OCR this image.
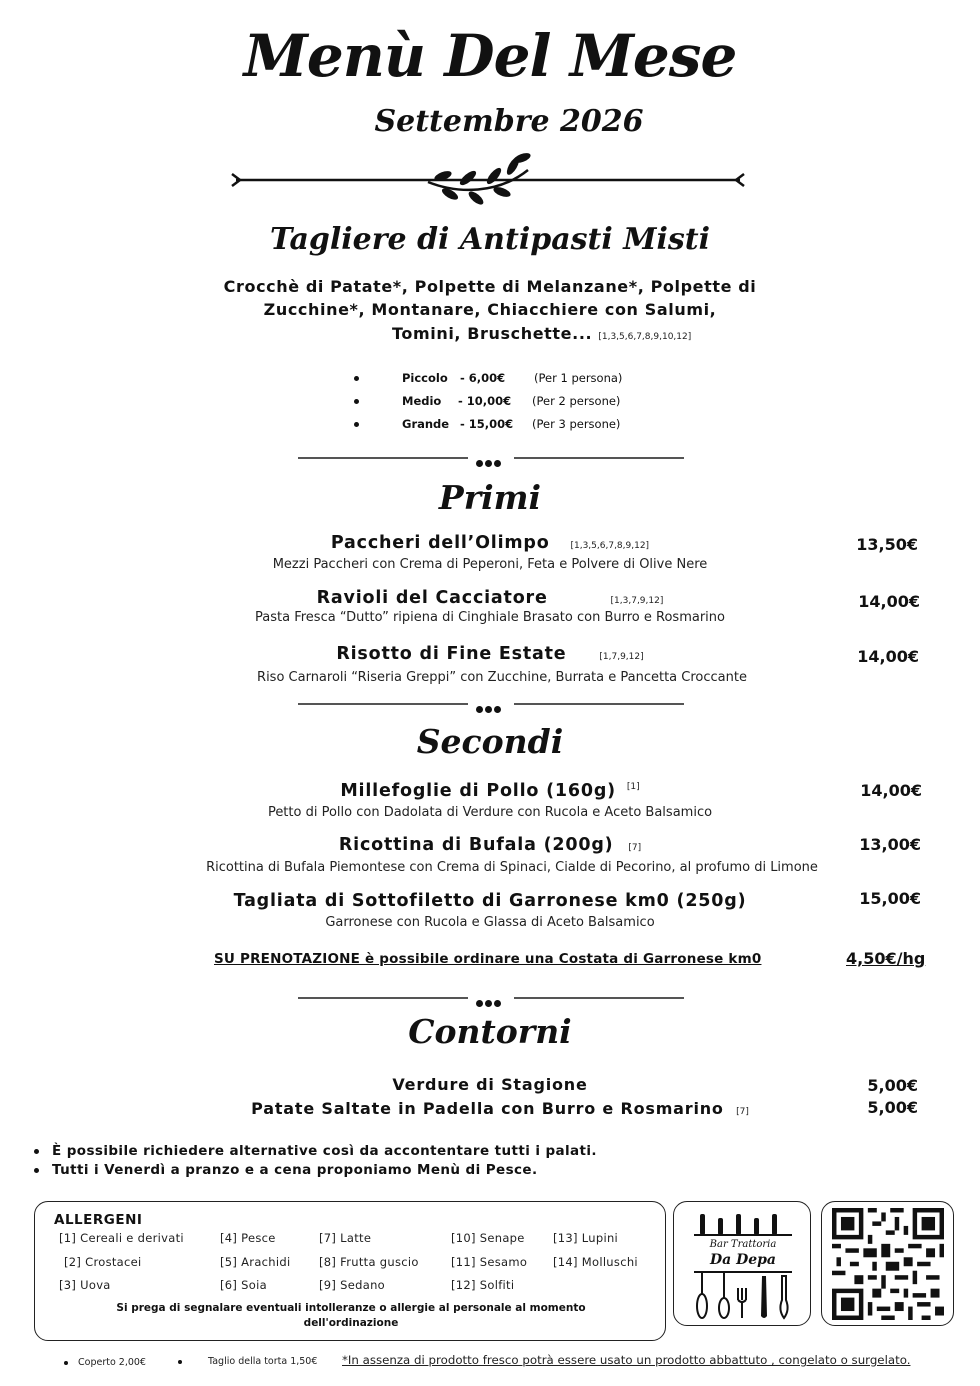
Menù Del Mese
Settembre 2026
Tagliere di Antipasti Misti
Crocchè di Patate*, Polpette di Melanzane*, Polpette di
Zucchine*, Montanare, Chiacchiere con Salumi,
Tomini, Bruschette... [1,3,5,6,7,8,9,10,12]
Piccolo - 6,00€	(Per 1 persona)
Medio - 10,00€ (Per 2 persone)
Grande - 15,00€ (Per 3 persone)
Primi
Paccheri dell’Olimpo [1,3,5,6,7,8,9,12]
Mezzi Paccheri con Crema di Peperoni, Feta e Polvere di Olive Nere
13,50€
Ravioli del Cacciatore	[1,3,7,9,12]
Pasta Fresca “Dutto” ripiena di Cinghiale Brasato con Burro e Rosmarino
14,00€
Risotto di Fine Estate	[1,7,9,12]
Riso Carnaroli “Riseria Greppi” con Zucchine, Burrata e Pancetta Croccante
14,00€
Secondi
Millefoglie di Pollo (160g) [1]
Petto di Pollo con Dadolata di Verdure con Rucola e Aceto Balsamico
14,00€
Ricottina di Bufala (200g) [7]
Ricottina di Bufala Piemontese con Crema di Spinaci, Cialde di Pecorino, al profumo di Limone
13,00€
Tagliata di Sottofiletto di Garronese km0 (250g)
Garronese con Rucola e Glassa di Aceto Balsamico
15,00€
SU PRENOTAZIONE è possibile ordinare una Costata di Garronese km0	4,50€/hg
Contorni
Verdure di Stagione	5,00€
Patate Saltate in Padella con Burro e Rosmarino [7]	5,00€
È possibile richiedere alternative così da accontentare tutti i palati.
Tutti i Venerdì a pranzo e a cena proponiamo Menù di Pesce.
ALLERGENI
[1] Cereali e derivati	[4] Pesce	[7] Latte	[10] Senape [13] Lupini
[2] Crostacei	[5] Arachidi [8] Frutta guscio	[11] Sesamo [14] Molluschi
[3] Uova	[6] Soia	[9] Sedano	[12] Solfiti
Si prega di segnalare eventuali intolleranze o allergie al personale al momento
dell'ordinazione
Bar Trattoria
Da Depa
Coperto 2,00€	Taglio della torta 1,50€ *In assenza di prodotto fresco potrà essere usato un prodotto abbattuto , congelato o surgelato.
